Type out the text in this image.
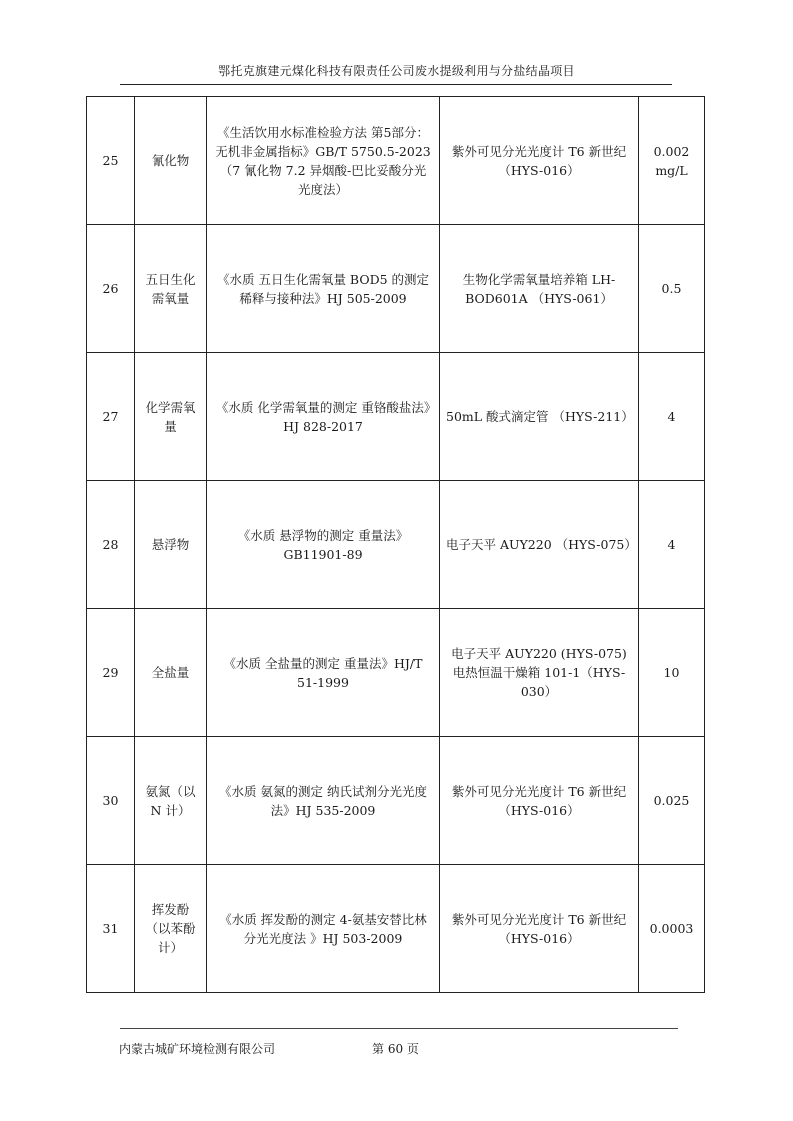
鄂托克旗建元煤化科技有限责任公司废水提级利用与分盐结晶项目
25	氰化物	《生活饮用水标准检验方法 第5部分：无机非金属指标》GB/T 5750.5-2023 （7 氰化物 7.2 异烟酸-巴比妥酸分光光度法）	紫外可见分光光度计 T6 新世纪（HYS-016）	0.002 mg/L
26	五日生化需氧量	《水质 五日生化需氧量 BOD5 的测定 稀释与接种法》HJ 505-2009	生物化学需氧量培养箱 LH-BOD601A （HYS-061）	0.5
27	化学需氧量	《水质 化学需氧量的测定 重铬酸盐法》HJ 828-2017	50mL 酸式滴定管 （HYS-211）	4
28	悬浮物	《水质 悬浮物的测定 重量法》GB11901-89	电子天平 AUY220 （HYS-075）	4
29	全盐量	《水质 全盐量的测定 重量法》HJ/T 51-1999	电子天平 AUY220 (HYS-075)电热恒温干燥箱 101-1（HYS-030）	10
30	氨氮（以 N 计）	《水质 氨氮的测定 纳氏试剂分光光度法》HJ 535-2009	紫外可见分光光度计 T6 新世纪（HYS-016）	0.025
31	挥发酚（以苯酚计）	《水质 挥发酚的测定 4-氨基安替比林分光光度法 》HJ 503-2009	紫外可见分光光度计 T6 新世纪（HYS-016）	0.0003
内蒙古城矿环境检测有限公司	第 60 页
